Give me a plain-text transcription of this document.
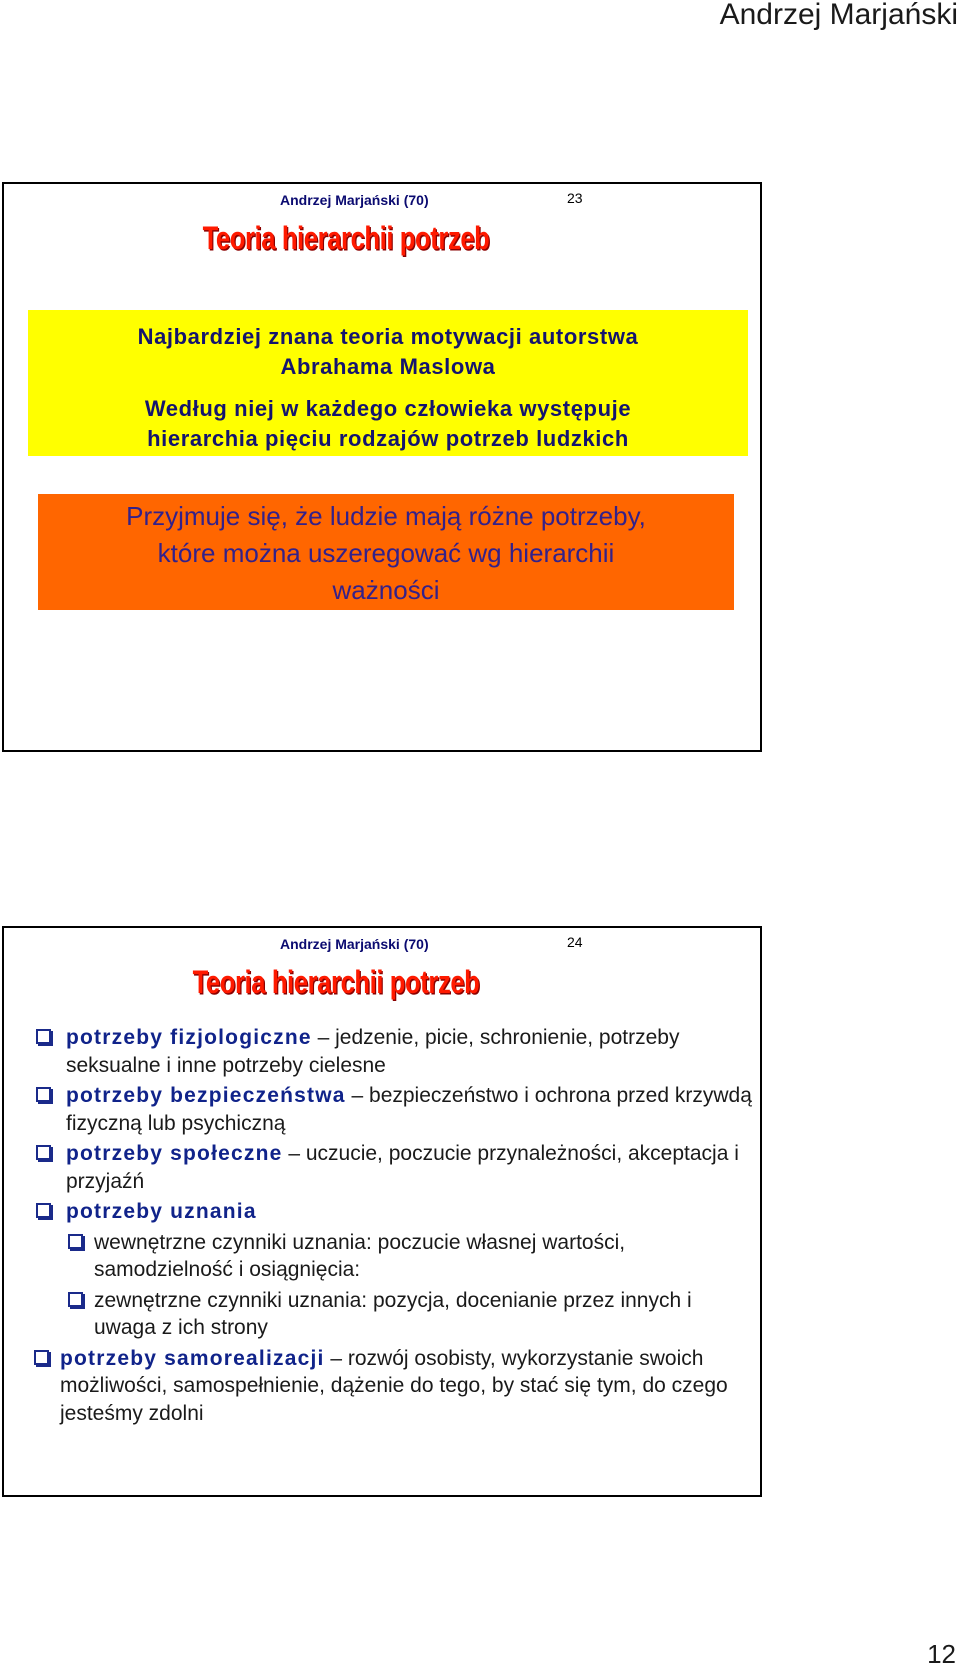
Andrzej Marjański
Andrzej Marjański (70)	23
Teoria hierarchii potrzeb
Najbardziej znana teoria motywacji autorstwa
Abrahama Maslowa
Według niej w każdego człowieka występuje
hierarchia pięciu rodzajów potrzeb ludzkich
Przyjmuje się, że ludzie mają różne potrzeby,
które można uszeregować wg hierarchii
ważności
Andrzej Marjański (70)	24
Teoria hierarchii potrzeb
potrzeby fizjologiczne – jedzenie, picie, schronienie, potrzeby seksualne i inne potrzeby cielesne
potrzeby bezpieczeństwa – bezpieczeństwo i ochrona przed krzywdą fizyczną lub psychiczną
potrzeby społeczne – uczucie, poczucie przynależności, akceptacja i przyjaźń
potrzeby uznania
wewnętrzne czynniki uznania: poczucie własnej wartości, samodzielność i osiągnięcia:
zewnętrzne czynniki uznania: pozycja, docenianie przez innych i uwaga z ich strony
potrzeby samorealizacji – rozwój osobisty, wykorzystanie swoich możliwości, samospełnienie, dążenie do tego, by stać się tym, do czego jesteśmy zdolni
12
